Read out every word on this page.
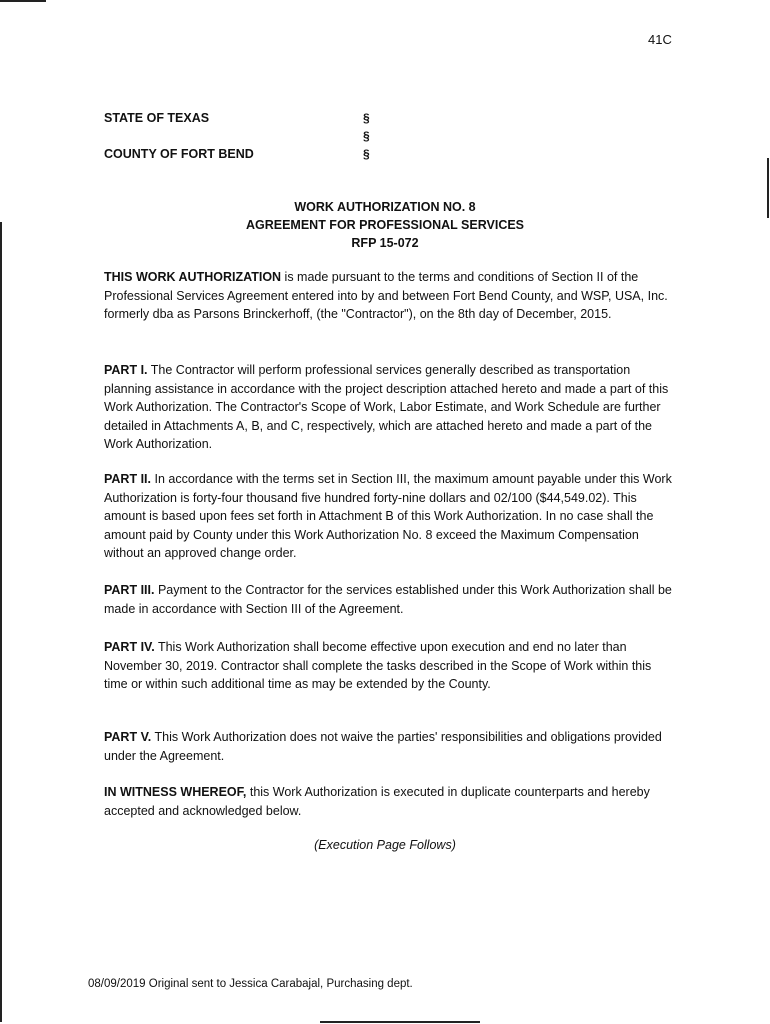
41C
STATE OF TEXAS
COUNTY OF FORT BEND
§
§
§
WORK AUTHORIZATION NO. 8
AGREEMENT FOR PROFESSIONAL SERVICES
RFP 15-072

THIS WORK AUTHORIZATION is made pursuant to the terms and conditions of Section II of the Professional Services Agreement entered into by and between Fort Bend County, and WSP, USA, Inc. formerly dba as Parsons Brinckerhoff, (the "Contractor"), on the 8th day of December, 2015.

PART I. The Contractor will perform professional services generally described as transportation planning assistance in accordance with the project description attached hereto and made a part of this Work Authorization. The Contractor's Scope of Work, Labor Estimate, and Work Schedule are further detailed in Attachments A, B, and C, respectively, which are attached hereto and made a part of the Work Authorization.

PART II. In accordance with the terms set in Section III, the maximum amount payable under this Work Authorization is forty-four thousand five hundred forty-nine dollars and 02/100 ($44,549.02). This amount is based upon fees set forth in Attachment B of this Work Authorization. In no case shall the amount paid by County under this Work Authorization No. 8 exceed the Maximum Compensation without an approved change order.

PART III. Payment to the Contractor for the services established under this Work Authorization shall be made in accordance with Section III of the Agreement.

PART IV. This Work Authorization shall become effective upon execution and end no later than November 30, 2019. Contractor shall complete the tasks described in the Scope of Work within this time or within such additional time as may be extended by the County.

PART V. This Work Authorization does not waive the parties' responsibilities and obligations provided under the Agreement.

IN WITNESS WHEREOF, this Work Authorization is executed in duplicate counterparts and hereby accepted and acknowledged below.

(Execution Page Follows)
08/09/2019 Original sent to Jessica Carabajal, Purchasing dept.
